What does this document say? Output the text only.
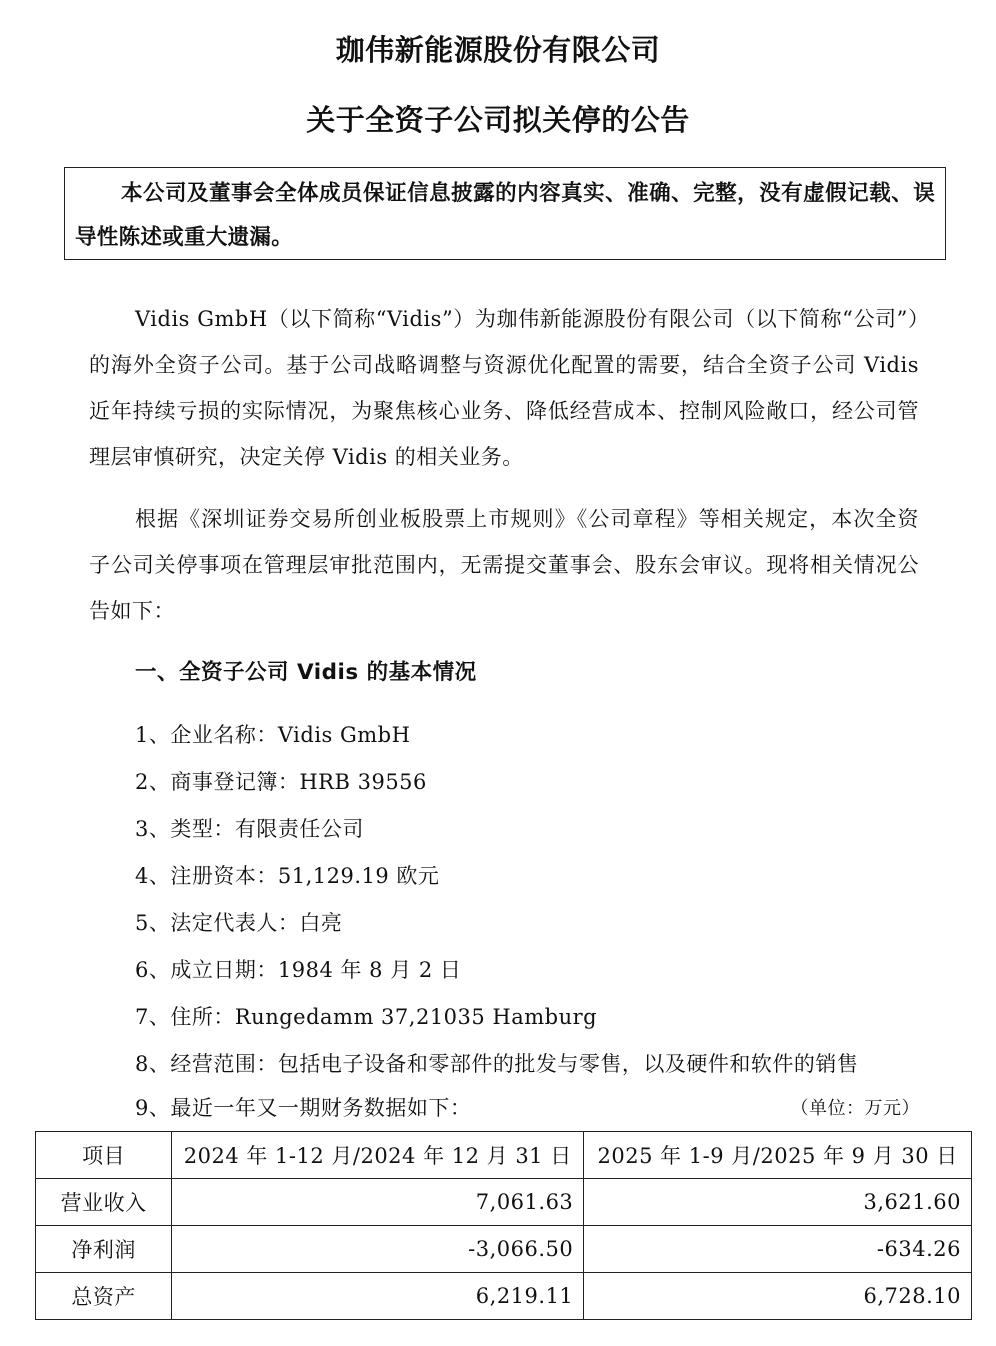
珈伟新能源股份有限公司
关于全资子公司拟关停的公告
本公司及董事会全体成员保证信息披露的内容真实、准确、完整，没有虚假记载、误导性陈述或重大遗漏。

Vidis GmbH（以下简称“Vidis”）为珈伟新能源股份有限公司（以下简称“公司”）的海外全资子公司。基于公司战略调整与资源优化配置的需要，结合全资子公司 Vidis 近年持续亏损的实际情况，为聚焦核心业务、降低经营成本、控制风险敞口，经公司管理层审慎研究，决定关停 Vidis 的相关业务。

根据《深圳证券交易所创业板股票上市规则》《公司章程》等相关规定，本次全资子公司关停事项在管理层审批范围内，无需提交董事会、股东会审议。现将相关情况公告如下：

一、全资子公司 Vidis 的基本情况
1、企业名称：Vidis GmbH
2、商事登记簿：HRB 39556
3、类型：有限责任公司
4、注册资本：51,129.19 欧元
5、法定代表人：白亮
6、成立日期：1984 年 8 月 2 日
7、住所：Rungedamm 37,21035 Hamburg
8、经营范围：包括电子设备和零部件的批发与零售，以及硬件和软件的销售
9、最近一年又一期财务数据如下：	（单位：万元）
项目	2024 年 1-12 月/2024 年 12 月 31 日	2025 年 1-9 月/2025 年 9 月 30 日
营业收入	7,061.63	3,621.60
净利润	-3,066.50	-634.26
总资产	6,219.11	6,728.10
